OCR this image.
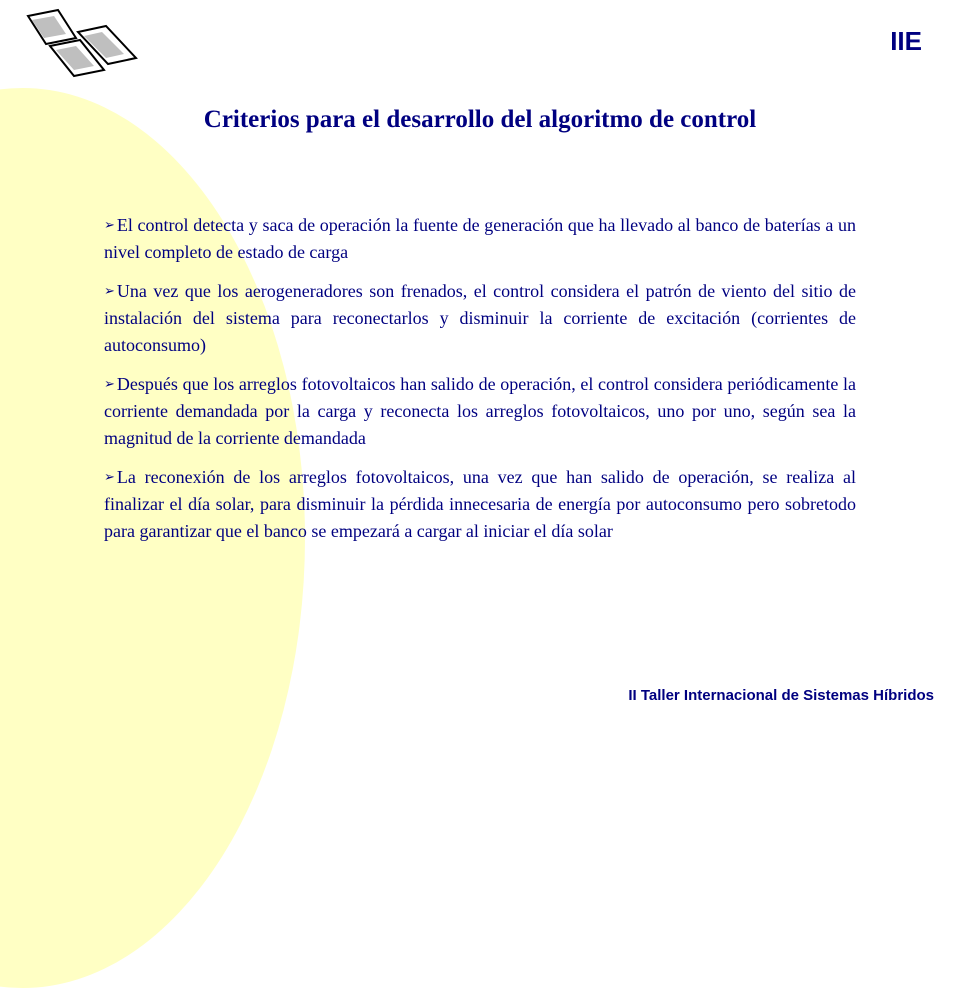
IIE
Criterios para el desarrollo del algoritmo de control
➢ El control detecta y saca de operación la fuente de generación que ha llevado al banco de baterías a un nivel completo de estado de carga
➢ Una vez que los aerogeneradores son frenados, el control considera el patrón de viento del sitio de instalación del sistema para reconectarlos y disminuir la corriente de excitación (corrientes de autoconsumo)
➢ Después que los arreglos fotovoltaicos han salido de operación, el control considera periódicamente la corriente demandada por la carga y reconecta los arreglos fotovoltaicos, uno por uno, según sea la magnitud de la corriente demandada
➢ La reconexión de los arreglos fotovoltaicos, una vez que han salido de operación, se realiza al finalizar el día solar, para disminuir la pérdida innecesaria de energía por autoconsumo pero sobretodo para garantizar que el banco se empezará a cargar al iniciar el día solar
II Taller Internacional de Sistemas Híbridos
